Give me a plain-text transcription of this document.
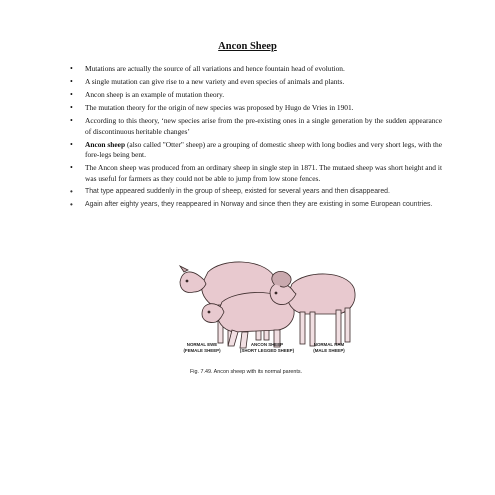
Ancon Sheep
• Mutations are actually the source of all variations and hence fountain head of evolution.
• A single mutation can give rise to a new variety and even species of animals and plants.
• Ancon sheep is an example of mutation theory.
• The mutation theory for the origin of new species was proposed by Hugo de Vries in 1901.
• According to this theory, ‘new species arise from the pre-existing ones in a single generation by the sudden appearance of discontinuous heritable changes’
• Ancon sheep (also called "Otter" sheep) are a grouping of domestic sheep with long bodies and very short legs, with the fore-legs being bent.
• The Ancon sheep was produced from an ordinary sheep in single step in 1871. The mutaed sheep was short height and it was useful for farmers as they could not be able to jump from low stone fences.
• That type appeared suddenly in the group of sheep, existed for several years and then disappeared.
• Again after eighty years, they reappeared in Norway and since then they are existing in some European countries.
NORMAL EWE
(FEMALE SHEEP)
ANCON SHEEP
(SHORT LEGGED SHEEP)
NORMAL RAM
(MALE SHEEP)
Fig. 7.49. Ancon sheep with its normal parents.
